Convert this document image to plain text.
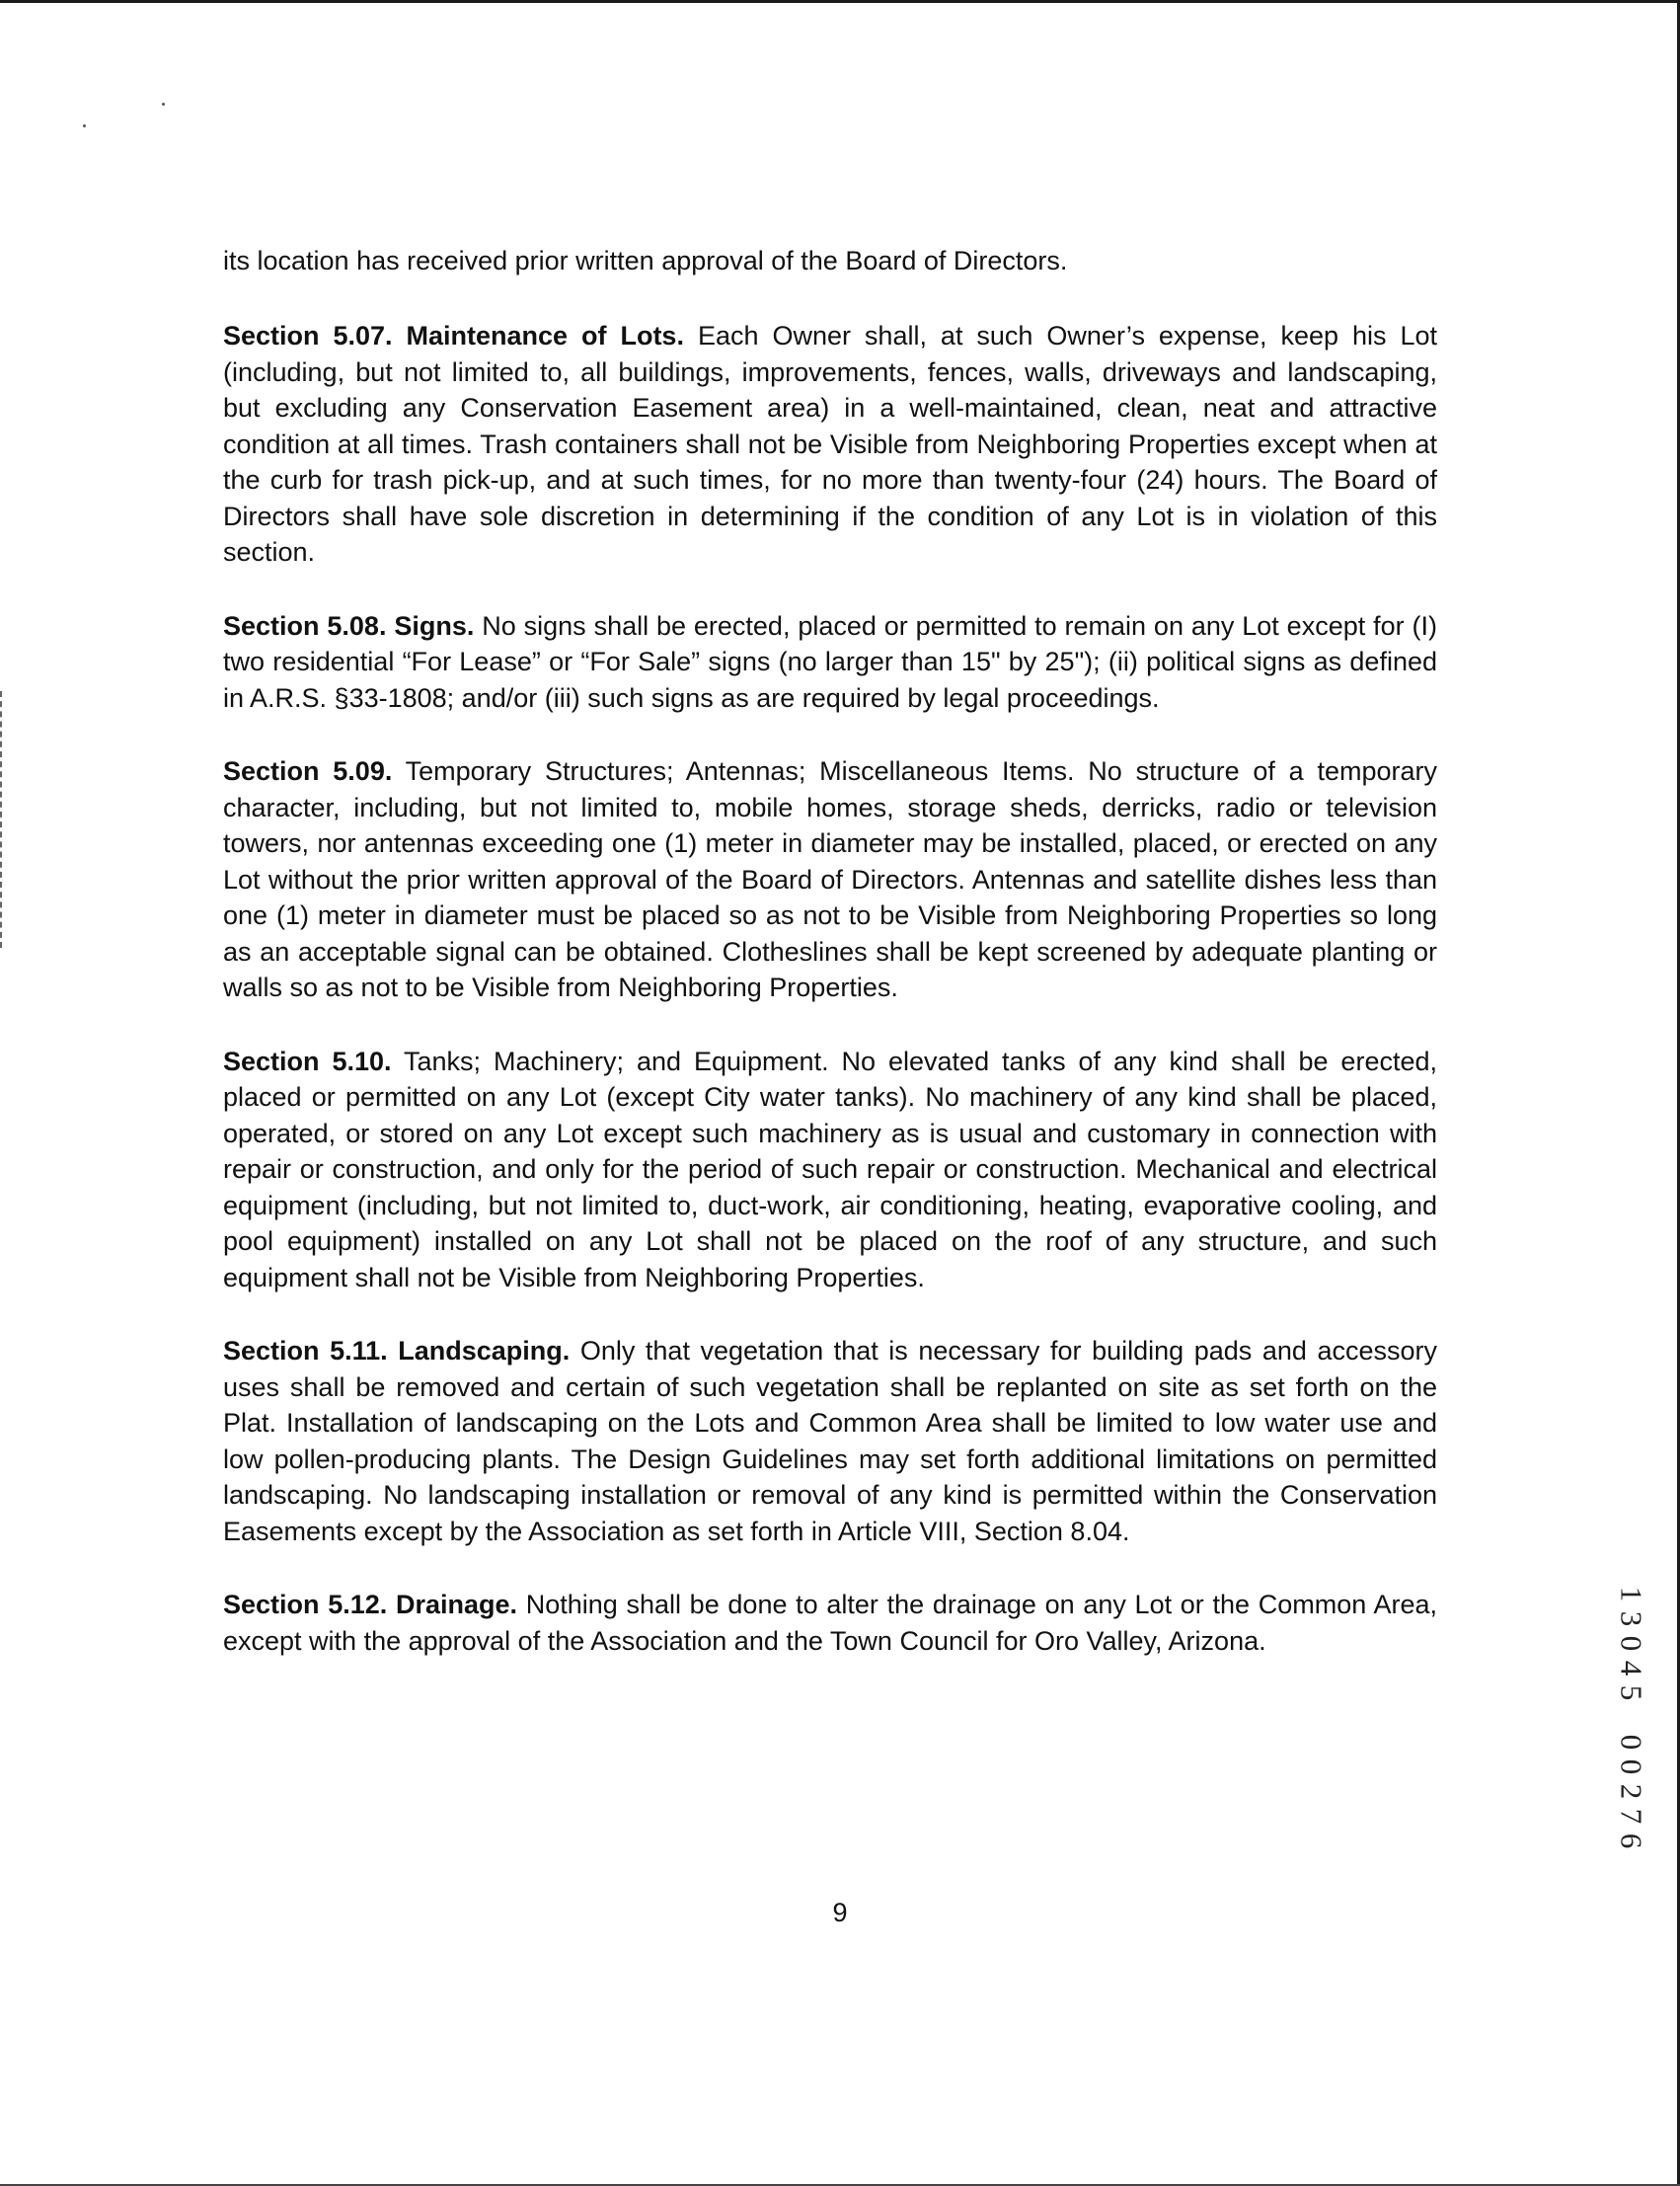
its location has received prior written approval of the Board of Directors.

Section 5.07. Maintenance of Lots. Each Owner shall, at such Owner’s expense, keep his Lot (including, but not limited to, all buildings, improvements, fences, walls, driveways and landscaping, but excluding any Conservation Easement area) in a well-maintained, clean, neat and attractive condition at all times. Trash containers shall not be Visible from Neighboring Properties except when at the curb for trash pick-up, and at such times, for no more than twenty-four (24) hours. The Board of Directors shall have sole discretion in determining if the condition of any Lot is in violation of this section.

Section 5.08. Signs. No signs shall be erected, placed or permitted to remain on any Lot except for (I) two residential “For Lease” or “For Sale” signs (no larger than 15" by 25"); (ii) political signs as defined in A.R.S. §33-1808; and/or (iii) such signs as are required by legal proceedings.

Section 5.09. Temporary Structures; Antennas; Miscellaneous Items. No structure of a temporary character, including, but not limited to, mobile homes, storage sheds, derricks, radio or television towers, nor antennas exceeding one (1) meter in diameter may be installed, placed, or erected on any Lot without the prior written approval of the Board of Directors. Antennas and satellite dishes less than one (1) meter in diameter must be placed so as not to be Visible from Neighboring Properties so long as an acceptable signal can be obtained. Clotheslines shall be kept screened by adequate planting or walls so as not to be Visible from Neighboring Properties.

Section 5.10. Tanks; Machinery; and Equipment. No elevated tanks of any kind shall be erected, placed or permitted on any Lot (except City water tanks). No machinery of any kind shall be placed, operated, or stored on any Lot except such machinery as is usual and customary in connection with repair or construction, and only for the period of such repair or construction. Mechanical and electrical equipment (including, but not limited to, duct-work, air conditioning, heating, evaporative cooling, and pool equipment) installed on any Lot shall not be placed on the roof of any structure, and such equipment shall not be Visible from Neighboring Properties.

Section 5.11. Landscaping. Only that vegetation that is necessary for building pads and accessory uses shall be removed and certain of such vegetation shall be replanted on site as set forth on the Plat. Installation of landscaping on the Lots and Common Area shall be limited to low water use and low pollen-producing plants. The Design Guidelines may set forth additional limitations on permitted landscaping. No landscaping installation or removal of any kind is permitted within the Conservation Easements except by the Association as set forth in Article VIII, Section 8.04.

Section 5.12. Drainage. Nothing shall be done to alter the drainage on any Lot or the Common Area, except with the approval of the Association and the Town Council for Oro Valley, Arizona.

9
1
3
0
4
5

0
0
2
7
6
